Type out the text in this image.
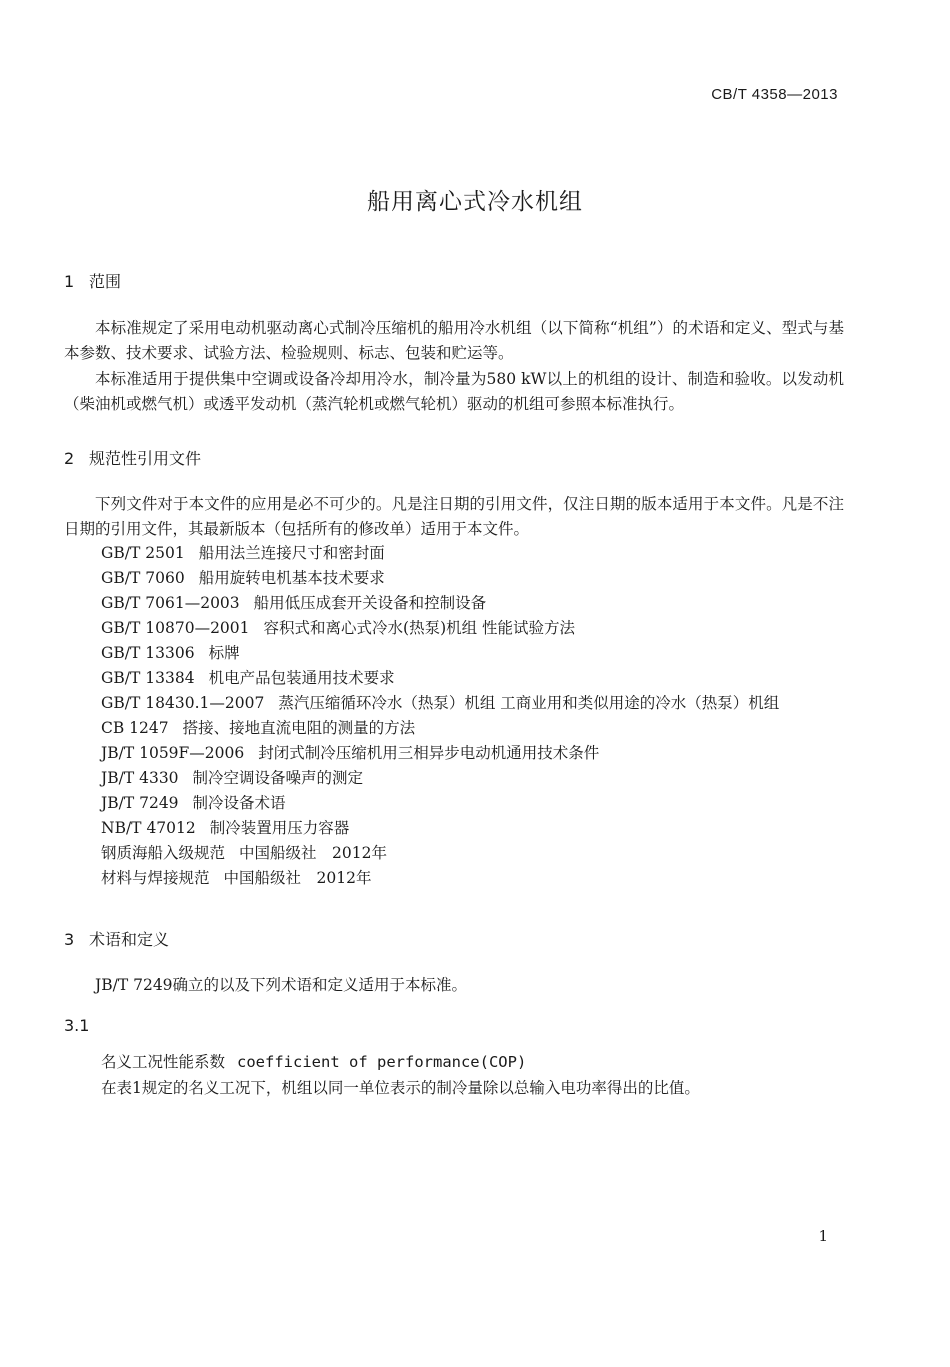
CB/T 4358—2013
船用离心式冷水机组
1 范围

本标准规定了采用电动机驱动离心式制冷压缩机的船用冷水机组（以下简称“机组”）的术语和定义、型式与基本参数、技术要求、试验方法、检验规则、标志、包装和贮运等。

本标准适用于提供集中空调或设备冷却用冷水，制冷量为580 kW以上的机组的设计、制造和验收。以发动机（柴油机或燃气机）或透平发动机（蒸汽轮机或燃气轮机）驱动的机组可参照本标准执行。

2 规范性引用文件

下列文件对于本文件的应用是必不可少的。凡是注日期的引用文件，仅注日期的版本适用于本文件。凡是不注日期的引用文件，其最新版本（包括所有的修改单）适用于本文件。

GB/T 2501 船用法兰连接尺寸和密封面
GB/T 7060 船用旋转电机基本技术要求
GB/T 7061—2003 船用低压成套开关设备和控制设备
GB/T 10870—2001 容积式和离心式冷水(热泵)机组 性能试验方法
GB/T 13306 标牌
GB/T 13384 机电产品包装通用技术要求
GB/T 18430.1—2007 蒸汽压缩循环冷水（热泵）机组 工商业用和类似用途的冷水（热泵）机组
CB 1247 搭接、接地直流电阻的测量的方法
JB/T 1059F—2006 封闭式制冷压缩机用三相异步电动机通用技术条件
JB/T 4330 制冷空调设备噪声的测定
JB/T 7249 制冷设备术语
NB/T 47012 制冷装置用压力容器
钢质海船入级规范 中国船级社　2012年
材料与焊接规范 中国船级社　2012年
3 术语和定义

JB/T 7249确立的以及下列术语和定义适用于本标准。

3.1
名义工况性能系数 coefficient of performance(COP)
在表1规定的名义工况下，机组以同一单位表示的制冷量除以总输入电功率得出的比值。
1
